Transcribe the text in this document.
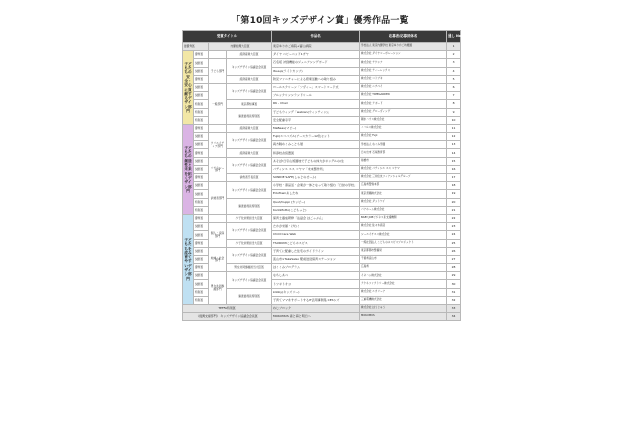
「第10回キッズデザイン賞」優秀作品一覧
受賞タイトル				作品名	応募者/応募団体名	通し No.
最優秀賞		内閣総理大臣賞		東京ゆりかご病院+富山病院	学校法人 東京内閣学校 東京ゆりかご幼稚園	1
子どもたちの安全・安心に貢献するデザイン部門	優秀賞		経済産業大臣賞	ダイヤ ベビーベッド1ガヤ	株式会社 ダイヤコーポレーション	2
	奨励賞	子ども部門	キッズデザイン協議会会長賞	石名坂 対到機能のジュニアシングボード	株式会社 テクシナ	3
	奨励賞			Itsuup(ライトカップ)	株式会社 ティーレックス	4
	優秀賞		経済産業大臣賞	防災ファニチャーによる授業活動への取り組み	株式会社 コトブキ	5
	奨励賞	一般部門	キッズデザイン協議会会長賞	ロールスクリーン「ソヴィー」スマートコード式	株式会社 ニチベイ	6
	奨励賞			ブルックリンシランドリール	株式会社 TIMEGARDEN	7
	特別賞		東京都知事賞	RK - Chair	株式会社 アボード	8
	特別賞		審査委員長特別賞	子どもウィング「webian(ウィッティン)」	株式会社 グローヴィング	9
	特別賞			安全配慮寺平	積水ハウス株式会社	10
子どもたちの創造性と未来を拓くデザイン部門	優秀賞		経済産業大臣賞	MaBeau(マビー)	ノバルス株式会社	11
	奨励賞	クリエイティブ部門	キッズデザイン協議会会長賞	Fujii(エコバズル)アースカラー12色セット	株式会社 Fujii	12
	奨励賞			両方眺めくみことも展	学校法人 めぐみ学園	13
	優秀賞		経済産業大臣賞	和添校舎設置図	日の出市 石垣教育部	14
	奨励賞	リテラシー部門	キッズデザイン協議会会長賞	あそぼ!日引山遊園地で子どもの体力がギングルの/生	前橋市	15
	奨励賞			パディシエ エス コヤマ「未来製作所」	株式会社 パティシエ エス コヤマ	16
	優秀賞		消費者庁長官賞	SUNIDE SAFE(しゅとのせーふ)	株式会社 三井住友フィナンシャルグループ	17
	奨励賞	消費者部門	キッズデザイン協議会会長賞	小学校・商品活・企業が一体となって取り組む「日誌の学校」	広島県警察本部	18
	奨励賞			EduTownあしたね	東京書籍株式会社	19
	特別賞		審査委員長特別賞	Quut/Cuppi (カッピー)	株式会社 ダットワイ	20
	特別賞			KodoMotto(こどもっと)	パナホーム株式会社	21
子どもたちを産み育てやすいデザイン部門	優秀賞		少子化対策担当大臣賞	保育士養成研修「法話会 ほごっぷん」	BABY JOBビジネス系支援機関	22
	奨励賞	個人・家庭部門	キッズデザイン協議会会長賞	たかが米屋・けむく	株式会社 佐々木商店	23
	奨励賞			Child Care Web	シーエイチエス株式会社	24
	優秀賞		少子化対策担当大臣賞	TSURUMIこどもホスピス	一般社団法人 こどものホスピスプロジェクト	25
	奨励賞	地域・社会部門	キッズデザイン協議会会長賞	子育てに配慮した住宅のガイドライン	東京都都市整備局	26
	奨励賞			流山市×TakaSaGo 駅前送迎保育ステーション	千葉県流山市	27
	優秀賞		男女共同参画担当大臣賞	ほくくみプログラム	広島県	28
	奨励賞	男女共同参画部門	キッズデザイン協議会会長賞	なちしあべ	イネハム株式会社	29
	奨励賞			トツギトオヨ	アクネファクトリー株式会社	30
	特別賞		審査委員長特別賞	kobby(キッズリー)	株式会社 ユカリーナ	31
	特別賞			子育てママをサポートするIT活用事例集 CESシズ	三重電機株式会社	32
TEFFA特別賞				ねじブロック	株式会社 ほうじゅう	33
《復興支援部門》 キッズデザイン協議会会長賞				MOKUMUS 森と海と明日へ	MOKUMUS	34
